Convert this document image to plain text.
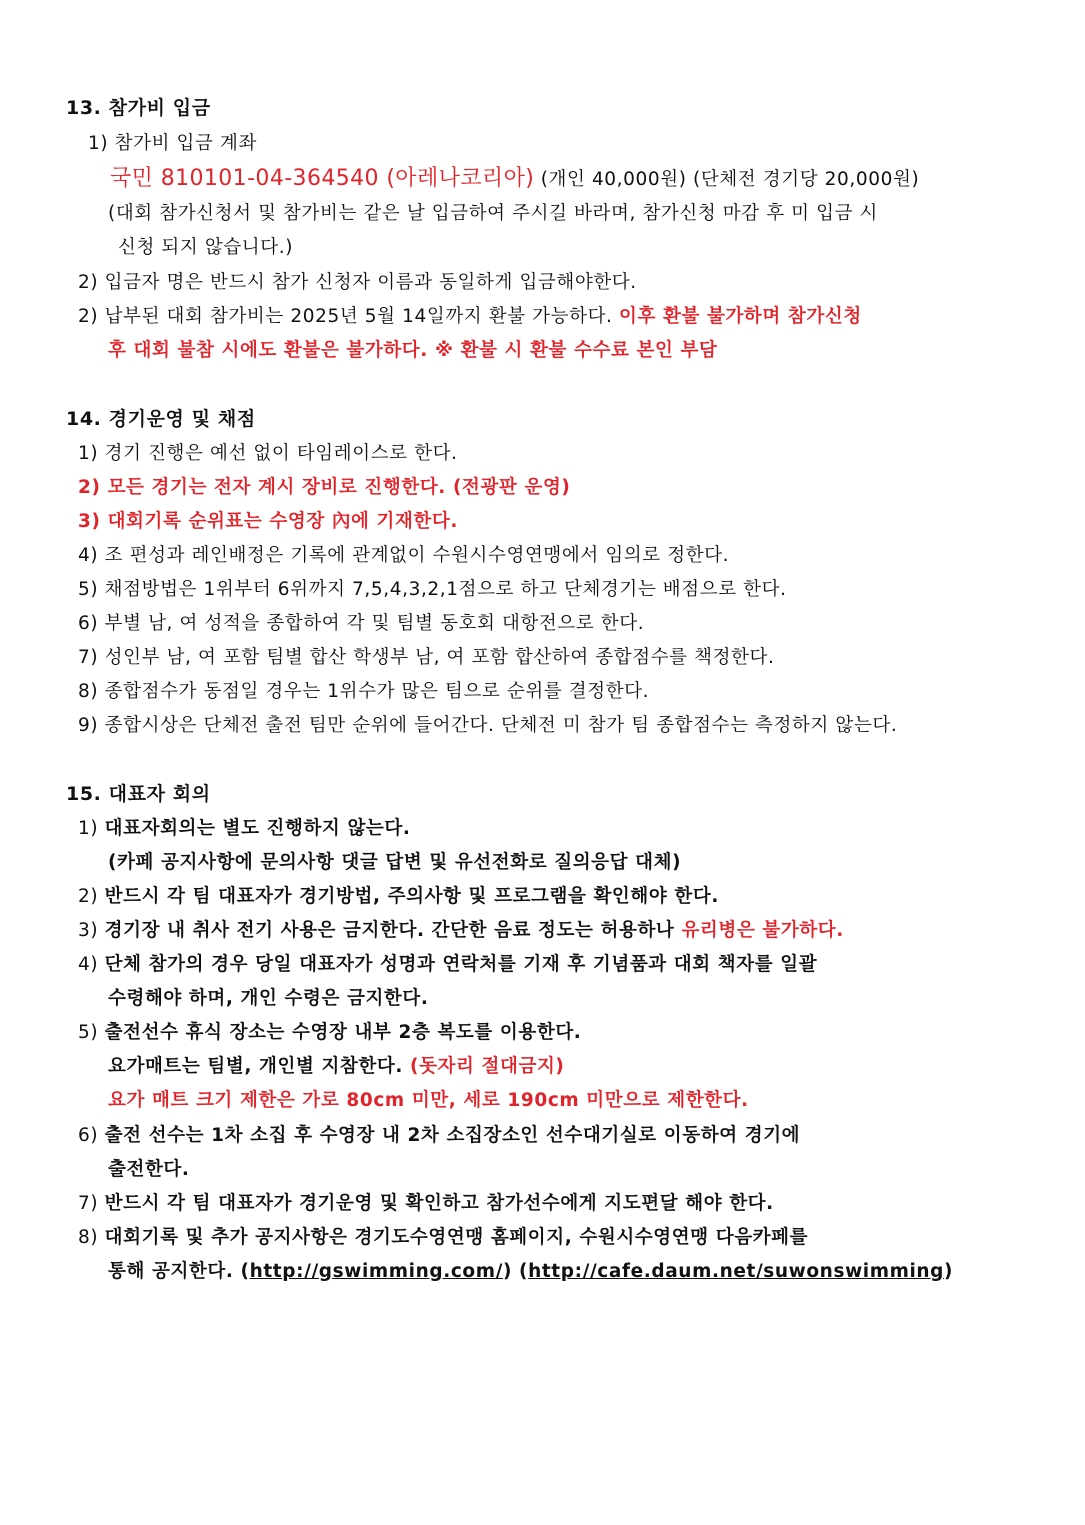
13. 참가비 입금
1) 참가비 입금 계좌
국민 810101-04-364540 (아레나코리아) (개인 40,000원) (단체전 경기당 20,000원)
(대회 참가신청서 및 참가비는 같은 날 입금하여 주시길 바라며, 참가신청 마감 후 미 입금 시
신청 되지 않습니다.)
2) 입금자 명은 반드시 참가 신청자 이름과 동일하게 입금해야한다.
2) 납부된 대회 참가비는 2025년 5월 14일까지 환불 가능하다. 이후 환불 불가하며 참가신청
후 대회 불참 시에도 환불은 불가하다. ※ 환불 시 환불 수수료 본인 부담
14. 경기운영 및 채점
1) 경기 진행은 예선 없이 타임레이스로 한다.
2) 모든 경기는 전자 계시 장비로 진행한다. (전광판 운영)
3) 대회기록 순위표는 수영장 內에 기재한다.
4) 조 편성과 레인배정은 기록에 관계없이 수원시수영연맹에서 임의로 정한다.
5) 채점방법은 1위부터 6위까지 7,5,4,3,2,1점으로 하고 단체경기는 배점으로 한다.
6) 부별 남, 여 성적을 종합하여 각 및 팀별 동호회 대항전으로 한다.
7) 성인부 남, 여 포함 팀별 합산 학생부 남, 여 포함 합산하여 종합점수를 책정한다.
8) 종합점수가 동점일 경우는 1위수가 많은 팀으로 순위를 결정한다.
9) 종합시상은 단체전 출전 팀만 순위에 들어간다. 단체전 미 참가 팀 종합점수는 측정하지 않는다.
15. 대표자 회의
1) 대표자회의는 별도 진행하지 않는다.
(카페 공지사항에 문의사항 댓글 답변 및 유선전화로 질의응답 대체)
2) 반드시 각 팀 대표자가 경기방법, 주의사항 및 프로그램을 확인해야 한다.
3) 경기장 내 취사 전기 사용은 금지한다. 간단한 음료 정도는 허용하나 유리병은 불가하다.
4) 단체 참가의 경우 당일 대표자가 성명과 연락처를 기재 후 기념품과 대회 책자를 일괄
수령해야 하며, 개인 수령은 금지한다.
5) 출전선수 휴식 장소는 수영장 내부 2층 복도를 이용한다.
요가매트는 팀별, 개인별 지참한다. (돗자리 절대금지)
요가 매트 크기 제한은 가로 80cm 미만, 세로 190cm 미만으로 제한한다.
6) 출전 선수는 1차 소집 후 수영장 내 2차 소집장소인 선수대기실로 이동하여 경기에
출전한다.
7) 반드시 각 팀 대표자가 경기운영 및 확인하고 참가선수에게 지도편달 해야 한다.
8) 대회기록 및 추가 공지사항은 경기도수영연맹 홈페이지, 수원시수영연맹 다음카페를
통해 공지한다. (http://gswimming.com/) (http://cafe.daum.net/suwonswimming)
